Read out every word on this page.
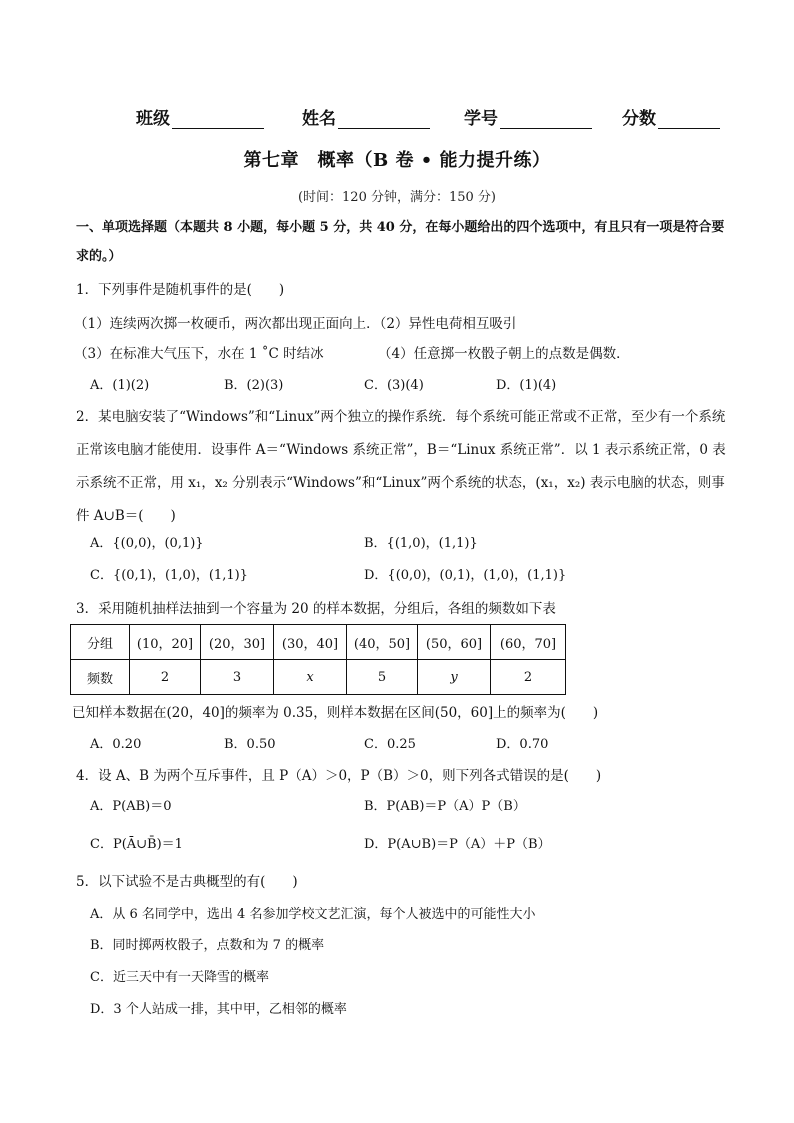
班级	姓名	学号	分数
第七章　概率（B 卷 • 能力提升练）
(时间：120 分钟，满分：150 分)
一、单项选择题（本题共 8 小题，每小题 5 分，共 40 分，在每小题给出的四个选项中，有且只有一项是符合要求的。）
1．下列事件是随机事件的是(　　)
（1）连续两次掷一枚硬币，两次都出现正面向上．（2）异性电荷相互吸引
（3）在标准大气压下，水在 1 ˚C 时结冰	（4）任意掷一枚骰子朝上的点数是偶数．
A．(1)(2)	B．(2)(3)	C．(3)(4)	D．(1)(4)
2．某电脑安装了“Windows”和“Linux”两个独立的操作系统．每个系统可能正常或不正常，至少有一个系统正常该电脑才能使用．设事件 A＝“Windows 系统正常”，B＝“Linux 系统正常”．以 1 表示系统正常，0 表示系统不正常，用 x₁，x₂ 分别表示“Windows”和“Linux”两个系统的状态，(x₁，x₂) 表示电脑的状态，则事件 A∪B＝(　　)
A．{(0,0)，(0,1)}	B．{(1,0)，(1,1)}
C．{(0,1)，(1,0)，(1,1)}	D．{(0,0)，(0,1)，(1,0)，(1,1)}
3．采用随机抽样法抽到一个容量为 20 的样本数据，分组后，各组的频数如下表
分组	(10，20]	(20，30]	(30，40]	(40，50]	(50，60]	(60，70]
频数	2	3	x	5	y	2
已知样本数据在(20，40]的频率为 0.35，则样本数据在区间(50，60]上的频率为(　　)
A．0.20	B．0.50	C．0.25	D．0.70
4．设 A、B 为两个互斥事件，且 P（A）＞0，P（B）＞0，则下列各式错误的是(　　)
A．P(AB)＝0	B．P(AB)＝P（A）P（B）
C．P(Ā∪B̄)＝1	D．P(A∪B)＝P（A）＋P（B）
5．以下试验不是古典概型的有(　　)
A．从 6 名同学中，选出 4 名参加学校文艺汇演，每个人被选中的可能性大小
B．同时掷两枚骰子，点数和为 7 的概率
C．近三天中有一天降雪的概率
D．3 个人站成一排，其中甲，乙相邻的概率
